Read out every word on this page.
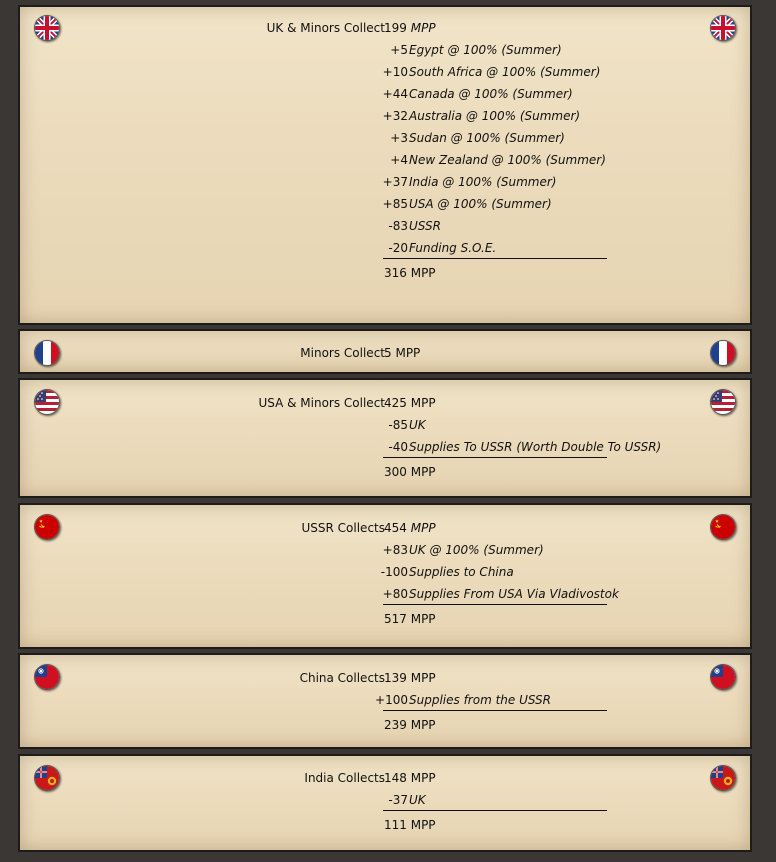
UK & Minors Collect 199 MPP
+5 Egypt @ 100% (Summer)
+10 South Africa @ 100% (Summer)
+44 Canada @ 100% (Summer)
+32 Australia @ 100% (Summer)
+3 Sudan @ 100% (Summer)
+4 New Zealand @ 100% (Summer)
+37 India @ 100% (Summer)
+85 USA @ 100% (Summer)
-83 USSR
-20 Funding S.O.E.
316 MPP
Minors Collect 5 MPP
USA & Minors Collect 425 MPP
-85 UK
-40 Supplies To USSR (Worth Double To USSR)
300 MPP
USSR Collects 454 MPP
+83 UK @ 100% (Summer)
-100 Supplies to China
+80 Supplies From USA Via Vladivostok
517 MPP
China Collects 139 MPP
+100 Supplies from the USSR
239 MPP
India Collects 148 MPP
-37 UK
111 MPP
